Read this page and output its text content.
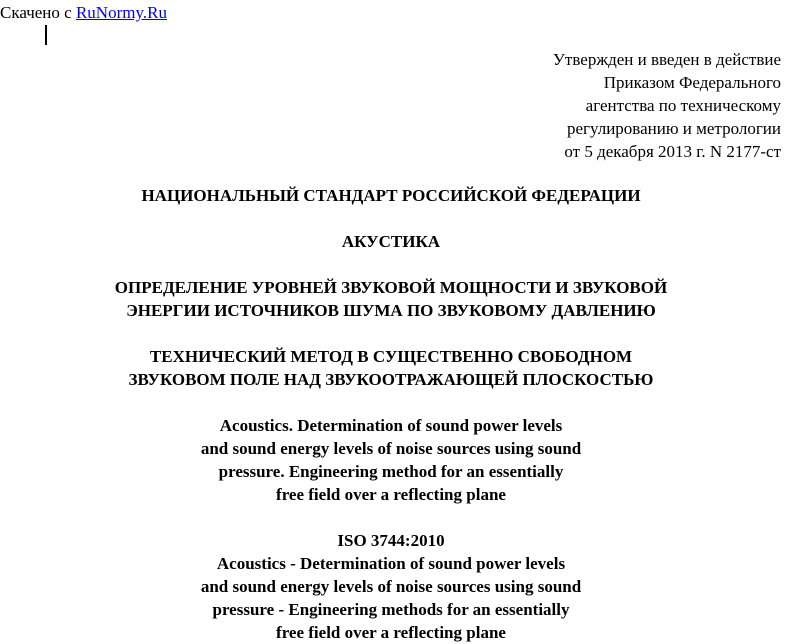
Скачено с RuNormy.Ru
Утвержден и введен в действие
Приказом Федерального
агентства по техническому
регулированию и метрологии
от 5 декабря 2013 г. N 2177-ст
НАЦИОНАЛЬНЫЙ СТАНДАРТ РОССИЙСКОЙ ФЕДЕРАЦИИ
АКУСТИКА
ОПРЕДЕЛЕНИЕ УРОВНЕЙ ЗВУКОВОЙ МОЩНОСТИ И ЗВУКОВОЙ
ЭНЕРГИИ ИСТОЧНИКОВ ШУМА ПО ЗВУКОВОМУ ДАВЛЕНИЮ
ТЕХНИЧЕСКИЙ МЕТОД В СУЩЕСТВЕННО СВОБОДНОМ
ЗВУКОВОМ ПОЛЕ НАД ЗВУКООТРАЖАЮЩЕЙ ПЛОСКОСТЬЮ
Acoustics. Determination of sound power levels
and sound energy levels of noise sources using sound
pressure. Engineering method for an essentially
free field over a reflecting plane
ISO 3744:2010
Acoustics - Determination of sound power levels
and sound energy levels of noise sources using sound
pressure - Engineering methods for an essentially
free field over a reflecting plane
